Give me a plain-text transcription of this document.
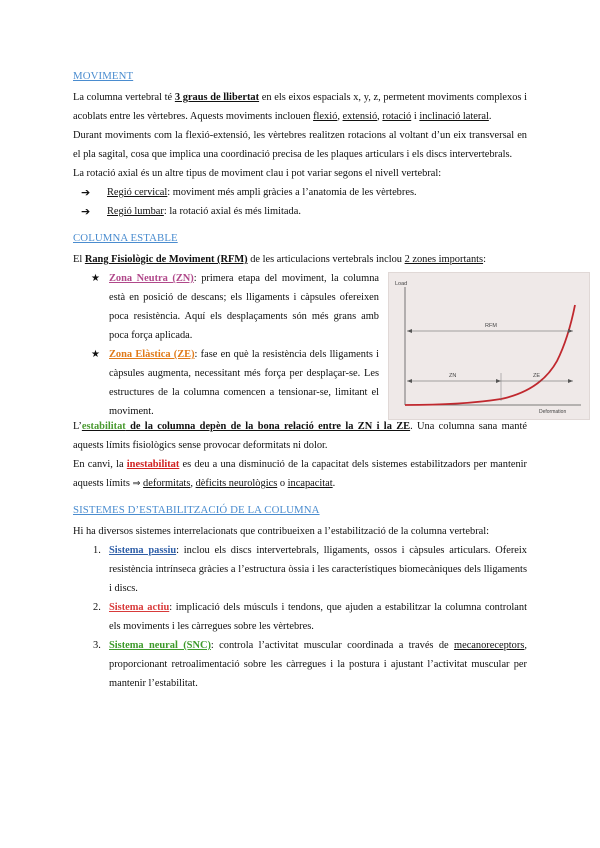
MOVIMENT

La columna vertebral té 3 graus de llibertat en els eixos espacials x, y, z, permetent moviments complexos i acoblats entre les vèrtebres. Aquests moviments inclouen flexió, extensió, rotació i inclinació lateral.

Durant moviments com la flexió-extensió, les vèrtebres realitzen rotacions al voltant d’un eix transversal en el pla sagital, cosa que implica una coordinació precisa de les plaques articulars i els discs intervertebrals.

La rotació axial és un altre tipus de moviment clau i pot variar segons el nivell vertebral:

➔ Regió cervical: moviment més ampli gràcies a l’anatomia de les vèrtebres.
➔ Regió lumbar: la rotació axial és més limitada.
COLUMNA ESTABLE

El Rang Fisiològic de Moviment (RFM) de les articulacions vertebrals inclou 2 zones importants:

★ Zona Neutra (ZN): primera etapa del moviment, la columna està en posició de descans; els lligaments i càpsules ofereixen poca resistència. Aquí els desplaçaments són més grans amb poca força aplicada.
★ Zona Elàstica (ZE): fase en què la resistència dels lligaments i càpsules augmenta, necessitant més força per desplaçar-se. Les estructures de la columna comencen a tensionar-se, limitant el moviment.
Load
Deformation
RFM
ZN	ZE

L’estabilitat de la columna depèn de la bona relació entre la ZN i la ZE. Una columna sana manté aquests límits fisiològics sense provocar deformitats ni dolor.

En canvi, la inestabilitat es deu a una disminució de la capacitat dels sistemes estabilitzadors per mantenir aquests límits ⇒ deformitats, dèficits neurològics o incapacitat.

SISTEMES D’ESTABILITZACIÓ DE LA COLUMNA

Hi ha diversos sistemes interrelacionats que contribueixen a l’estabilització de la columna vertebral:

1. Sistema passiu: inclou els discs intervertebrals, lligaments, ossos i càpsules articulars. Ofereix resistència intrínseca gràcies a l’estructura òssia i les característiques biomecàniques dels lligaments i discs.
2. Sistema actiu: implicació dels músculs i tendons, que ajuden a estabilitzar la columna controlant els moviments i les càrregues sobre les vèrtebres.
3. Sistema neural (SNC): controla l’activitat muscular coordinada a través de mecanoreceptors, proporcionant retroalimentació sobre les càrregues i la postura i ajustant l’activitat muscular per mantenir l’estabilitat.
